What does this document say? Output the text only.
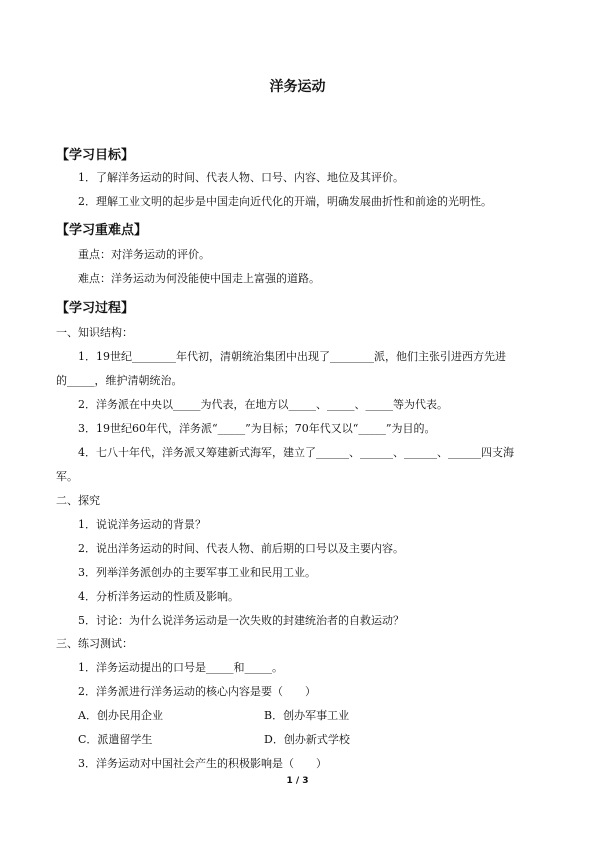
洋务运动
【学习目标】
1．了解洋务运动的时间、代表人物、口号、内容、地位及其评价。
2．理解工业文明的起步是中国走向近代化的开端，明确发展曲折性和前途的光明性。
【学习重难点】
重点：对洋务运动的评价。
难点：洋务运动为何没能使中国走上富强的道路。
【学习过程】
一、知识结构：
1．19世纪________年代初，清朝统治集团中出现了________派，他们主张引进西方先进
的_____，维护清朝统治。
2．洋务派在中央以_____为代表，在地方以_____、_____、_____等为代表。
3．19世纪60年代，洋务派“_____”为目标；70年代又以“_____”为目的。
4．七八十年代，洋务派又筹建新式海军，建立了______、______、______、______四支海
军。
二、探究
1．说说洋务运动的背景？
2．说出洋务运动的时间、代表人物、前后期的口号以及主要内容。
3．列举洋务派创办的主要军事工业和民用工业。
4．分析洋务运动的性质及影响。
5．讨论：为什么说洋务运动是一次失败的封建统治者的自救运动？
三、练习测试：
1．洋务运动提出的口号是_____和_____。
2．洋务派进行洋务运动的核心内容是要（　　）
A．创办民用企业	B．创办军事工业
C．派遣留学生	D．创办新式学校
3．洋务运动对中国社会产生的积极影响是（　　）
1 / 3
